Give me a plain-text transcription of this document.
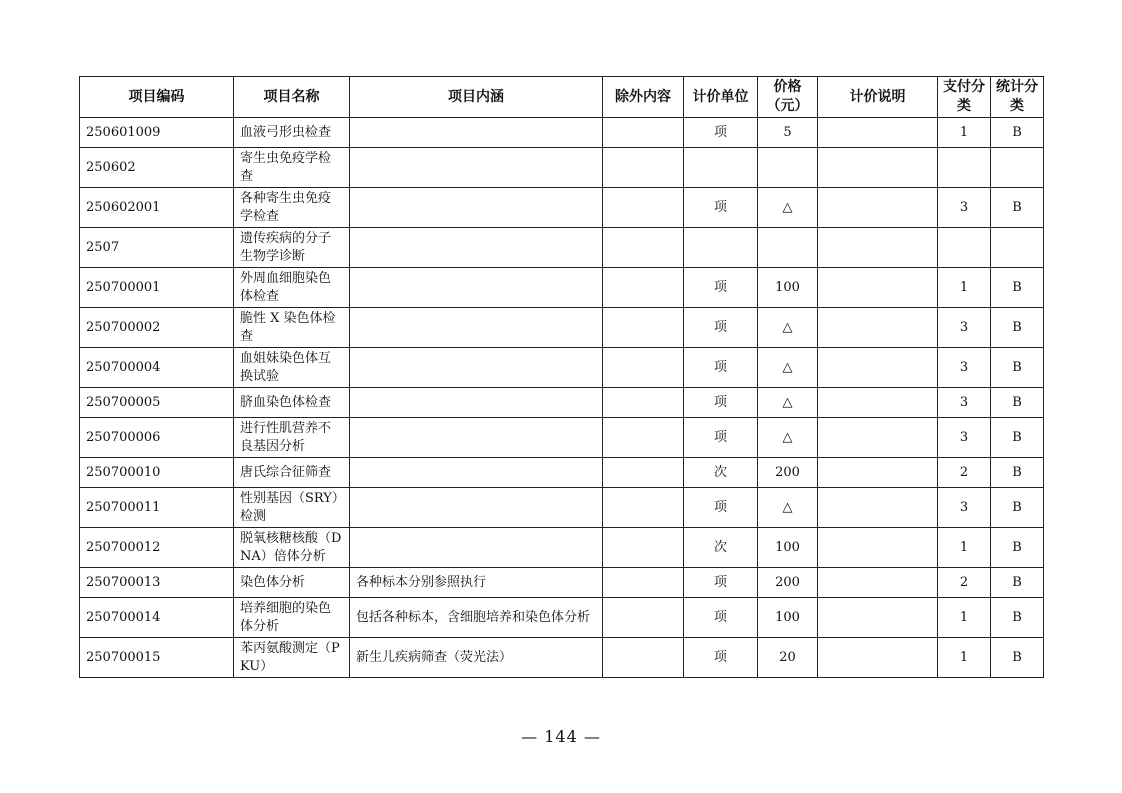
项目编码	项目名称	项目内涵	除外内容	计价单位	价格（元）	计价说明	支付分类	统计分类
250601009	血液弓形虫检查			项	5		1	B
250602	寄生虫免疫学检查							
250602001	各种寄生虫免疫学检查			项	△		3	B
2507	遗传疾病的分子生物学诊断							
250700001	外周血细胞染色体检查			项	100		1	B
250700002	脆性 X 染色体检查			项	△		3	B
250700004	血姐妹染色体互换试验			项	△		3	B
250700005	脐血染色体检查			项	△		3	B
250700006	进行性肌营养不良基因分析			项	△		3	B
250700010	唐氏综合征筛查			次	200		2	B
250700011	性别基因（SRY）检测			项	△		3	B
250700012	脱氧核糖核酸（DNA）倍体分析			次	100		1	B
250700013	染色体分析	各种标本分别参照执行		项	200		2	B
250700014	培养细胞的染色体分析	包括各种标本，含细胞培养和染色体分析		项	100		1	B
250700015	苯丙氨酸测定（PKU）	新生儿疾病筛查（荧光法）		项	20		1	B
— 144 —
